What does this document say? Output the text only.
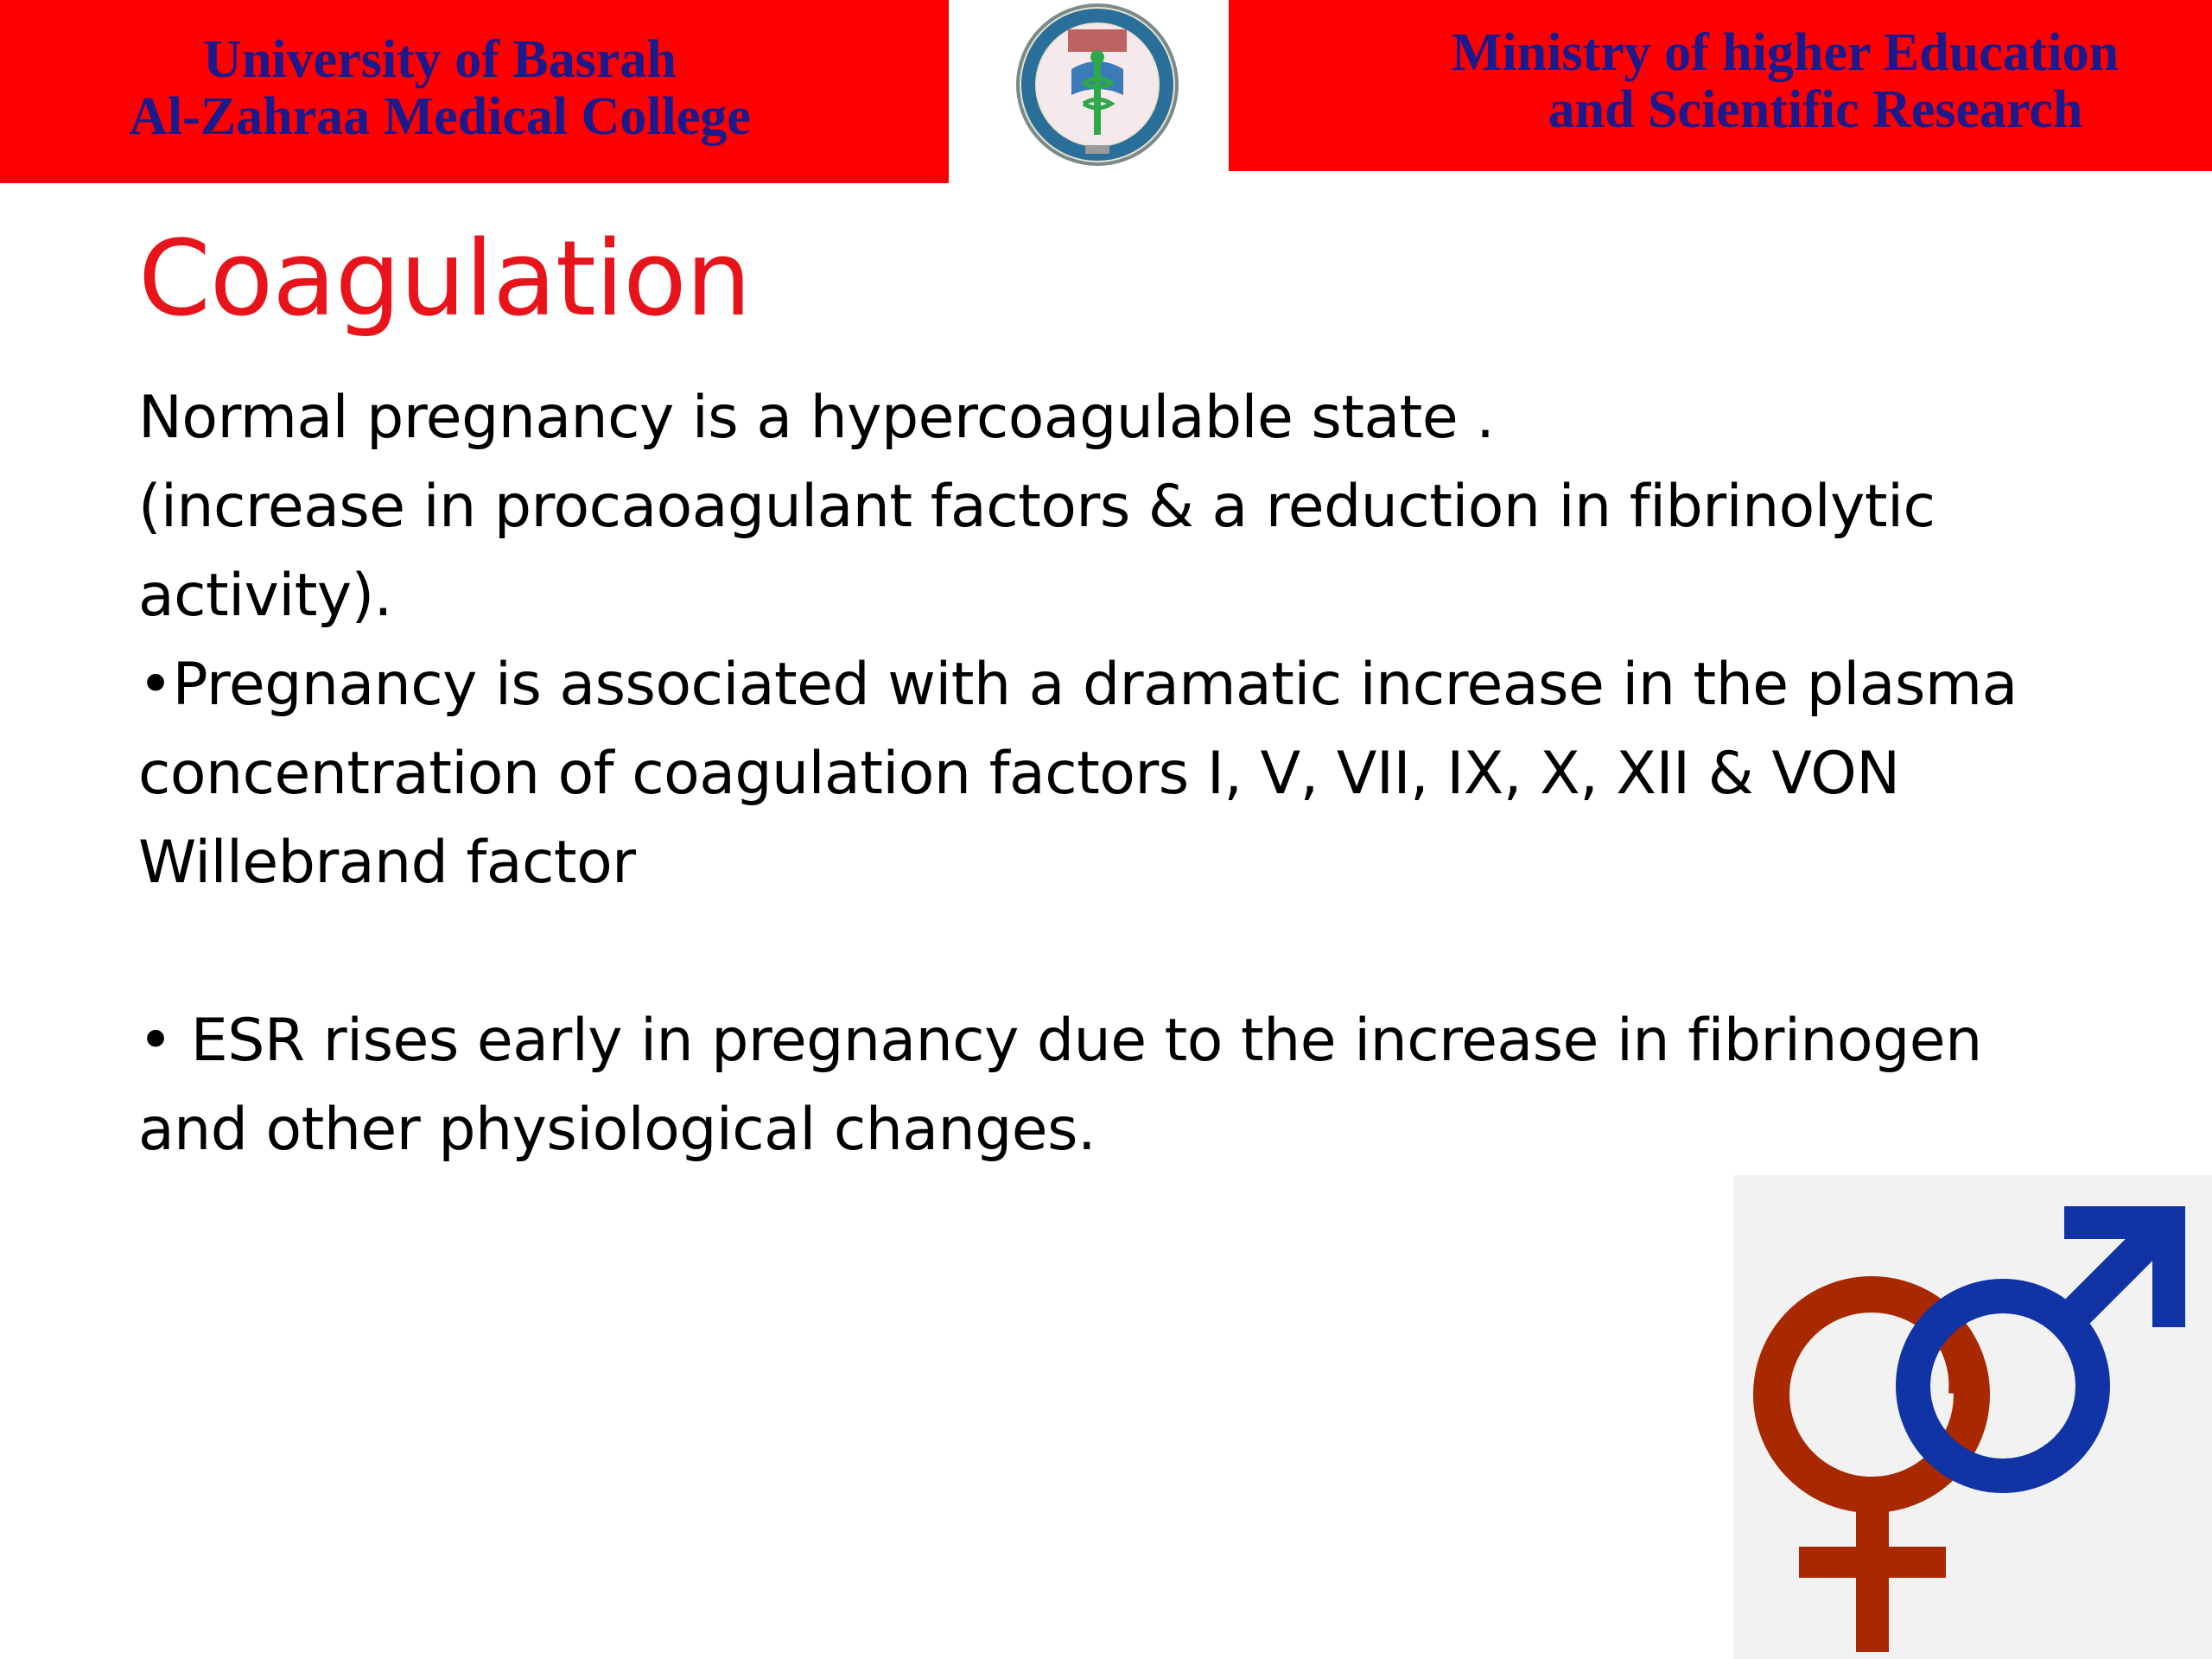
University of Basrah
Al-Zahraa Medical College
Ministry of higher Education
and Scientific Research
Coagulation

Normal pregnancy is a hypercoagulable state .

(increase in procaoagulant factors & a reduction in fibrinolytic activity).

•Pregnancy is associated with a dramatic increase in the plasma concentration of coagulation factors I, V, VII, IX, X, XII & VON Willebrand factor

• ESR rises early in pregnancy due to the increase in fibrinogen and other physiological changes.
